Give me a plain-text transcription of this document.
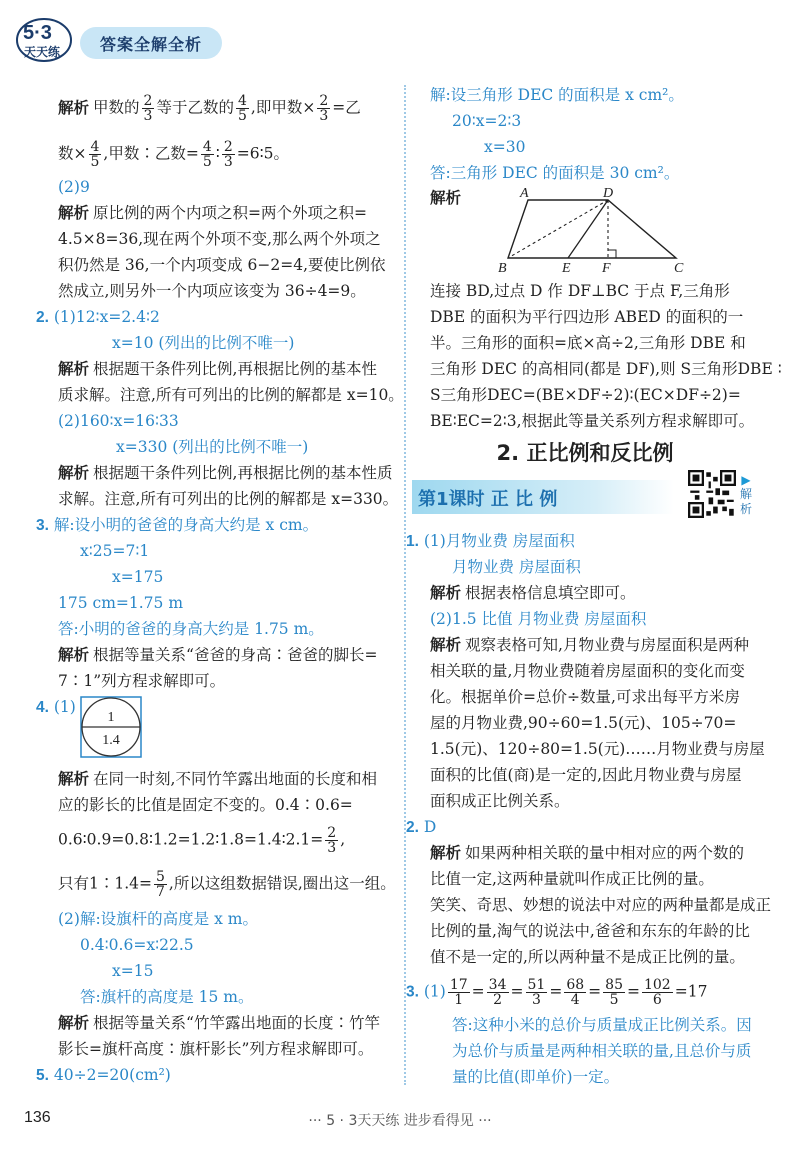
5·3
天天练	答案全解全析
解析 甲数的 $\frac{2}{3}$ 等于乙数的 $\frac{4}{5}$ ,即甲数× $\frac{2}{3}$ =乙
数× $\frac{4}{5}$ ,甲数∶乙数= $\frac{4}{5}$ ∶ $\frac{2}{3}$ =6∶5。
(2)9
解析 原比例的两个内项之积=两个外项之积=
4.5×8=36,现在两个外项不变,那么两个外项之
积仍然是 36,一个内项变成 6−2=4,要使比例依
然成立,则另外一个内项应该变为 36÷4=9。
2. (1)12∶x=2.4∶2
x=10 (列出的比例不唯一)
解析 根据题干条件列比例,再根据比例的基本性
质求解。注意,所有可列出的比例的解都是 x=10。
(2)160∶x=16∶33
x=330 (列出的比例不唯一)
解析 根据题干条件列比例,再根据比例的基本性质
求解。注意,所有可列出的比例的解都是 x=330。
3. 解:设小明的爸爸的身高大约是 x cm。
x∶25=7∶1
x=175
175 cm=1.75 m
答:小明的爸爸的身高大约是 1.75 m。
解析 根据等量关系“爸爸的身高∶爸爸的脚长=
7∶1”列方程求解即可。
4. (1)
1
1.4
解析 在同一时刻,不同竹竿露出地面的长度和相
应的影长的比值是固定不变的。0.4∶0.6=
0.6∶0.9=0.8∶1.2=1.2∶1.8=1.4∶2.1= $\frac{2}{3}$ ,
只有1∶1.4= $\frac{5}{7}$ ,所以这组数据错误,圈出这一组。
(2)解:设旗杆的高度是 x m。
0.4∶0.6=x∶22.5
x=15
答:旗杆的高度是 15 m。
解析 根据等量关系“竹竿露出地面的长度∶竹竿
影长=旗杆高度∶旗杆影长”列方程求解即可。
5. 40÷2=20(cm²)
解:设三角形 DEC 的面积是 x cm²。
20∶x=2∶3
x=30
答:三角形 DEC 的面积是 30 cm²。
解析	A	D
B	E F	C
连接 BD,过点 D 作 DF⊥BC 于点 F,三角形
DBE 的面积为平行四边形 ABED 的面积的一
半。三角形的面积=底×高÷2,三角形 DBE 和
三角形 DEC 的高相同(都是 DF),则 S三角形DBE ∶
S三角形DEC=(BE×DF÷2)∶(EC×DF÷2)=
BE∶EC=2∶3,根据此等量关系列方程求解即可。
2. 正比例和反比例
第1课时 正 比 例
▶
解析
1. (1)月物业费 房屋面积
月物业费 房屋面积
解析 根据表格信息填空即可。
(2)1.5 比值 月物业费 房屋面积
解析 观察表格可知,月物业费与房屋面积是两种
相关联的量,月物业费随着房屋面积的变化而变
化。根据单价=总价÷数量,可求出每平方米房
屋的月物业费,90÷60=1.5(元)、105÷70=
1.5(元)、120÷80=1.5(元)……月物业费与房屋
面积的比值(商)是一定的,因此月物业费与房屋
面积成正比例关系。
2. D
解析 如果两种相关联的量中相对应的两个数的
比值一定,这两种量就叫作成正比例的量。
笑笑、奇思、妙想的说法中对应的两种量都是成正
比例的量,淘气的说法中,爸爸和东东的年龄的比
值不是一定的,所以两种量不是成正比例的量。
3. $(1) \frac{17}{1} = \frac{34}{2} = \frac{51}{3} = \frac{68}{4} = \frac{85}{5} = \frac{102}{6} =17$
答:这种小米的总价与质量成正比例关系。因
为总价与质量是两种相关联的量,且总价与质
量的比值(即单价)一定。
136	··· 5 · 3天天练 进步看得见 ···
